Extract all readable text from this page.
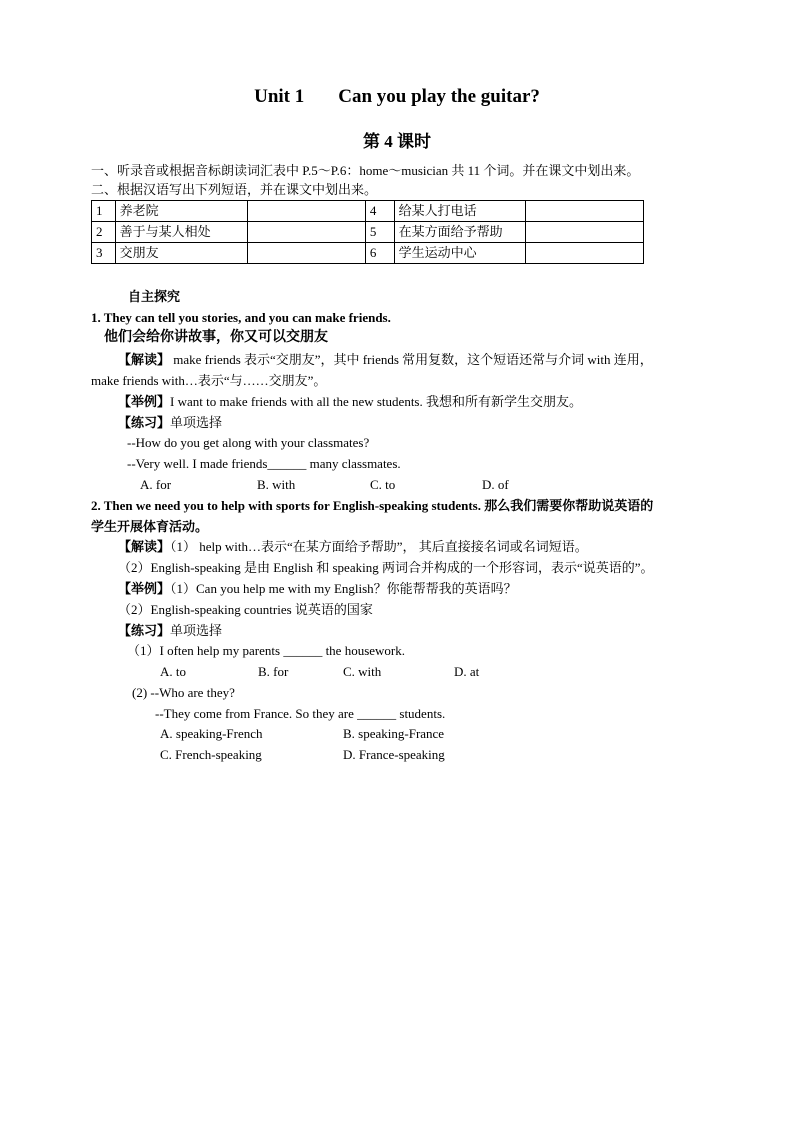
Unit 1 Can you play the guitar?
第 4 课时
一、听录音或根据音标朗读词汇表中 P.5～P.6：home～musician 共 11 个词。并在课文中划出来。
二、根据汉语写出下列短语，并在课文中划出来。
1	养老院		4	给某人打电话	
2	善于与某人相处		5	在某方面给予帮助	
3	交朋友		6	学生运动中心	
自主探究
1. They can tell you stories, and you can make friends.
他们会给你讲故事，你又可以交朋友
【解读】 make friends 表示“交朋友”，其中 friends 常用复数，这个短语还常与介词 with 连用，
make friends with…表示“与……交朋友”。
【举例】I want to make friends with all the new students. 我想和所有新学生交朋友。
【练习】单项选择
--How do you get along with your classmates?
--Very well. I made friends______ many classmates.
A. for	B. with	C. to	D. of
2. Then we need you to help with sports for English-speaking students. 那么我们需要你帮助说英语的
学生开展体育活动。
【解读】（1） help with…表示“在某方面给予帮助”， 其后直接接名词或名词短语。
（2）English-speaking 是由 English 和 speaking 两词合并构成的一个形容词，表示“说英语的”。
【举例】（1）Can you help me with my English？你能帮帮我的英语吗？
（2）English-speaking countries 说英语的国家
【练习】单项选择
（1）I often help my parents ______ the housework.
A. to	B. for	C. with	D. at
(2) --Who are they?
--They come from France. So they are ______ students.
A. speaking-French	B. speaking-France
C. French-speaking	D. France-speaking
